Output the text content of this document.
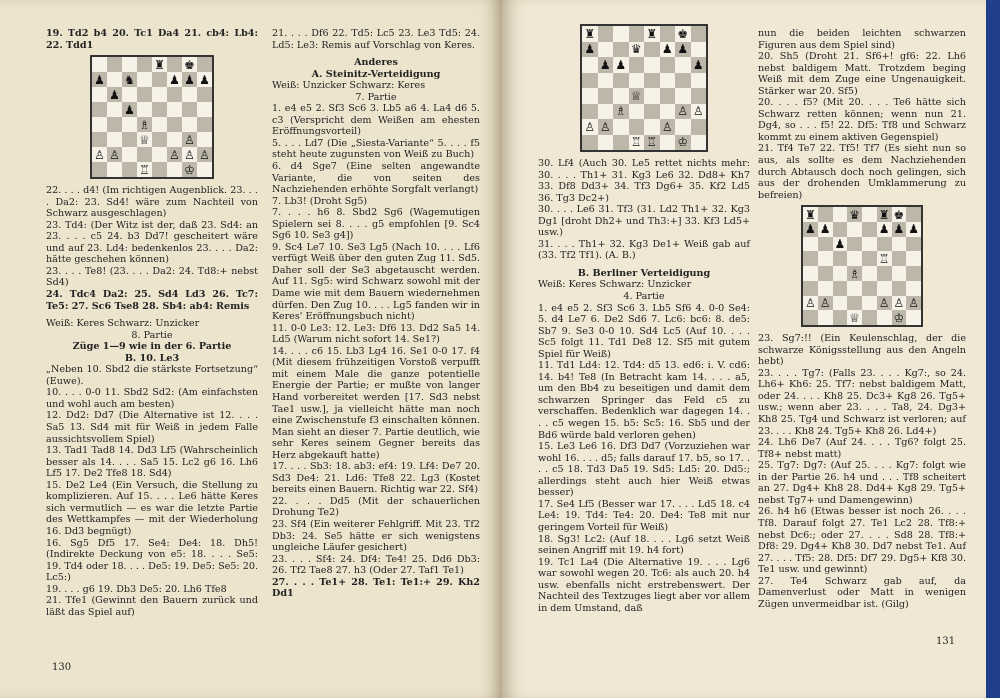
19. Td2 b4 20. Tc1 Da4 21. cb4: Lb4: 22. Tdd1

♜ ♚
♟ ♞	♟ ♟ ♟
♟
♟
♗
♕	♙
♙ ♙	♙ ♙ ♙
♖	♔

22. . . . d4! (Im richtigen Augenblick. 23. . . . Da2: 23. Sd4! wäre zum Nachteil von Schwarz ausgeschlagen)

23. Td4: (Der Witz ist der, daß 23. Sd4: an 23. . . . c5 24. b3 Dd7! gescheitert wäre und auf 23. Ld4: bedenkenlos 23. . . . Da2: hätte geschehen können)

23. . . . Te8! (23. . . . Da2: 24. Td8:+ nebst Sd4)

24. Tdc4 Da2: 25. Sd4 Ld3 26. Tc7: Te5: 27. Sc6 Tse8 28. Sb4: ab4: Remis

Weiß: Keres Schwarz: Unzicker

8. Partie

Züge 1—9 wie in der 6. Partie

B. 10. Le3

„Neben 10. Sbd2 die stärkste Fortsetzung“ (Euwe).

10. . . . 0-0 11. Sbd2 Sd2: (Am einfachsten und wohl auch am besten)

12. Dd2: Dd7 (Die Alternative ist 12. . . . Sa5 13. Sd4 mit für Weiß in jedem Falle aussichtsvollem Spiel)

13. Tad1 Tad8 14. Dd3 Lf5 (Wahrscheinlich besser als 14. . . . Sa5 15. Lc2 g6 16. Lh6 Lf5 17. De2 Tfe8 18. Sd4)

15. De2 Le4 (Ein Versuch, die Stellung zu komplizieren. Auf 15. . . . Le6 hätte Keres sich vermutlich — es war die letzte Partie des Wettkampfes — mit der Wiederholung 16. Dd3 begnügt)

16. Sg5 Df5 17. Se4: De4: 18. Dh5! (Indirekte Deckung von e5: 18. . . . Se5: 19. Td4 oder 18. . . . De5: 19. De5: Se5: 20. Lc5:)

19. . . . g6 19. Db3 De5: 20. Lh6 Tfe8

21. Tfe1 (Gewinnt den Bauern zurück und läßt das Spiel auf)

21. . . . Df6 22. Td5: Lc5 23. Le3 Td5: 24. Ld5: Le3: Remis auf Vorschlag von Keres.

Anderes

A. Steinitz-Verteidigung

Weiß: Unzicker Schwarz: Keres

7. Partie

1. e4 e5 2. Sf3 Sc6 3. Lb5 a6 4. La4 d6 5. c3 (Verspricht dem Weißen am ehesten Eröffnungsvorteil)

5. . . . Ld7 (Die „Siesta-Variante“ 5. . . . f5 steht heute zugunsten von Weiß zu Buch)

6. d4 Sge7 (Eine selten angewandte Variante, die von seiten des Nachziehenden erhöhte Sorgfalt verlangt)

7. Lb3! (Droht Sg5)

7. . . . h6 8. Sbd2 Sg6 (Wagemutigen Spielern sei 8. . . . g5 empfohlen [9. Sc4 Sg6 10. Se3 g4])

9. Sc4 Le7 10. Se3 Lg5 (Nach 10. . . . Lf6 verfügt Weiß über den guten Zug 11. Sd5. Daher soll der Se3 abgetauscht werden. Auf 11. Sg5: wird Schwarz sowohl mit der Dame wie mit dem Bauern wiedernehmen dürfen. Den Zug 10. . . . Lg5 fanden wir in Keres' Eröffnungsbuch nicht)

11. 0-0 Le3: 12. Le3: Df6 13. Dd2 Sa5 14. Ld5 (Warum nicht sofort 14. Se1?)

14. . . . c6 15. Lb3 Lg4 16. Se1 0-0 17. f4 (Mit diesem frühzeitigen Vorstoß verpufft mit einem Male die ganze potentielle Energie der Partie; er mußte von langer Hand vorbereitet werden [17. Sd3 nebst Tae1 usw.], ja vielleicht hätte man noch eine Zwischenstufe f3 einschalten können. Man sieht an dieser 7. Partie deutlich, wie sehr Keres seinem Gegner bereits das Herz abgekauft hatte)

17. . . . Sb3: 18. ab3: ef4: 19. Lf4: De7 20. Sd3 De4: 21. Ld6: Tfe8 22. Lg3 (Kostet bereits einen Bauern. Richtig war 22. Sf4)

22. . . . Dd5 (Mit der schauerlichen Drohung Te2)

23. Sf4 (Ein weiterer Fehlgriff. Mit 23. Tf2 Db3: 24. Se5 hätte er sich wenigstens ungleiche Läufer gesichert)

23. . . . Sf4: 24. Df4: Te4! 25. Dd6 Db3: 26. Tf2 Tae8 27. h3 (Oder 27. Taf1 Te1)

27. . . . Te1+ 28. Te1: Te1:+ 29. Kh2 Dd1

130
♜	♜ ♚
♟	♛ ♟ ♟
♟ ♟	♟
♕
♗	♙ ♙
♙ ♙	♙
♖ ♖ ♔

30. Lf4 (Auch 30. Le5 rettet nichts mehr: 30. . . . Th1+ 31. Kg3 Le6 32. Dd8+ Kh7 33. Df8 Dd3+ 34. Tf3 Dg6+ 35. Kf2 Ld5 36. Tg3 Dc2+)

30. . . . Le6 31. Tf3 (31. Ld2 Th1+ 32. Kg3 Dg1 [droht Dh2+ und Th3:+] 33. Kf3 Ld5+ usw.)

31. . . . Th1+ 32. Kg3 De1+ Weiß gab auf (33. Tf2 Tf1). (A. B.)

B. Berliner Verteidigung

Weiß: Keres Schwarz: Unzicker

4. Partie

1. e4 e5 2. Sf3 Sc6 3. Lb5 Sf6 4. 0-0 Se4: 5. d4 Le7 6. De2 Sd6 7. Lc6: bc6: 8. de5: Sb7 9. Se3 0-0 10. Sd4 Lc5 (Auf 10. . . . Sc5 folgt 11. Td1 De8 12. Sf5 mit gutem Spiel für Weiß)

11. Td1 Ld4: 12. Td4: d5 13. ed6: i. V. cd6: 14. b4! Te8 (In Betracht kam 14. . . . a5, um den Bb4 zu beseitigen und damit dem schwarzen Springer das Feld c5 zu verschaffen. Bedenklich war dagegen 14. . . . c5 wegen 15. b5: Sc5: 16. Sb5 und der Bd6 würde bald verloren gehen)

15. Le3 Le6 16. Df3 Dd7 (Vorzuziehen war wohl 16. . . . d5; falls darauf 17. b5, so 17. . . . c5 18. Td3 Da5 19. Sd5: Ld5: 20. Dd5:; allerdings steht auch hier Weiß etwas besser)

17. Se4 Lf5 (Besser war 17. . . . Ld5 18. c4 Le4: 19. Td4: Te4: 20. De4: Te8 mit nur geringem Vorteil für Weiß)

18. Sg3! Lc2: (Auf 18. . . . Lg6 setzt Weiß seinen Angriff mit 19. h4 fort)

19. Tc1 La4 (Die Alternative 19. . . . Lg6 war sowohl wegen 20. Tc6: als auch 20. h4 usw. ebenfalls nicht erstrebenswert. Der Nachteil des Textzuges liegt aber vor allem in dem Umstand, daß

nun die beiden leichten schwarzen Figuren aus dem Spiel sind)

20. Sh5 (Droht 21. Sf6+! gf6: 22. Lh6 nebst baldigem Matt. Trotzdem beging Weiß mit dem Zuge eine Ungenauigkeit. Stärker war 20. Sf5)

20. . . . f5? (Mit 20. . . . Te6 hätte sich Schwarz retten können; wenn nun 21. Dg4, so . . . f5! 22. Df5: Tf8 und Schwarz kommt zu einem aktiven Gegenspiel)

21. Tf4 Te7 22. Tf5! Tf7 (Es sieht nun so aus, als sollte es dem Nachziehenden durch Abtausch doch noch gelingen, sich aus der drohenden Umklammerung zu befreien)

♜	♛ ♜ ♚
♟ ♟	♟ ♟ ♟
♟
♖
♗
♙ ♙	♙ ♙ ♙
♕	♔

23. Sg7:!! (Ein Keulenschlag, der die schwarze Königsstellung aus den Angeln hebt)

23. . . . Tg7: (Falls 23. . . . Kg7:, so 24. Lh6+ Kh6: 25. Tf7: nebst baldigem Matt, oder 24. . . . Kh8 25. Dc3+ Kg8 26. Tg5+ usw.; wenn aber 23. . . . Ta8, 24. Dg3+ Kh8 25. Tg4 und Schwarz ist verloren; auf 23. . . . Kh8 24. Tg5+ Kh8 26. Ld4+)

24. Lh6 De7 (Auf 24. . . . Tg6? folgt 25. Tf8+ nebst matt)

25. Tg7: Dg7: (Auf 25. . . . Kg7: folgt wie in der Partie 26. h4 und . . . Tf8 scheitert an 27. Dg4+ Kh8 28. Dd4+ Kg8 29. Tg5+ nebst Tg7+ und Damengewinn)

26. h4 h6 (Etwas besser ist noch 26. . . . Tf8. Darauf folgt 27. Te1 Lc2 28. Tf8:+ nebst Dc6:; oder 27. . . . Sd8 28. Tf8:+ Df8: 29. Dg4+ Kh8 30. Dd7 nebst Te1. Auf 27. . . . Tf5: 28. Df5: Df7 29. Dg5+ Kf8 30. Te1 usw. und gewinnt)

27. Te4 Schwarz gab auf, da Damenverlust oder Matt in wenigen Zügen unvermeidbar ist. (Gilg)

131
